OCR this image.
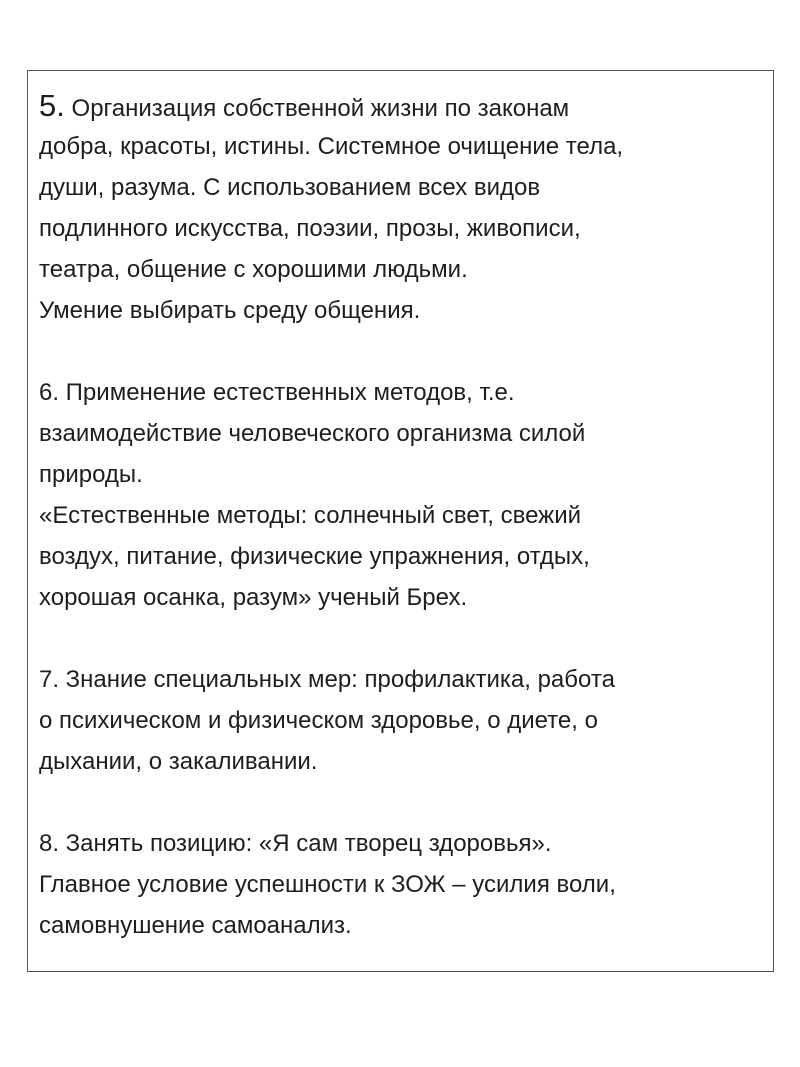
5. Организация собственной жизни по законам
добра, красоты, истины. Системное очищение тела,
души, разума. С использованием всех видов
подлинного искусства, поэзии, прозы, живописи,
театра, общение с хорошими людьми.
Умение выбирать среду общения.
6. Применение естественных методов, т.е.
взаимодействие человеческого организма силой
природы.
«Естественные методы: солнечный свет, свежий
воздух, питание, физические упражнения, отдых,
хорошая осанка, разум» ученый Брех.
7. Знание специальных мер: профилактика, работа
о психическом и физическом здоровье, о диете, о
дыхании, о закаливании.
8. Занять позицию: «Я сам творец здоровья».
Главное условие успешности к ЗОЖ – усилия воли,
самовнушение самоанализ.
